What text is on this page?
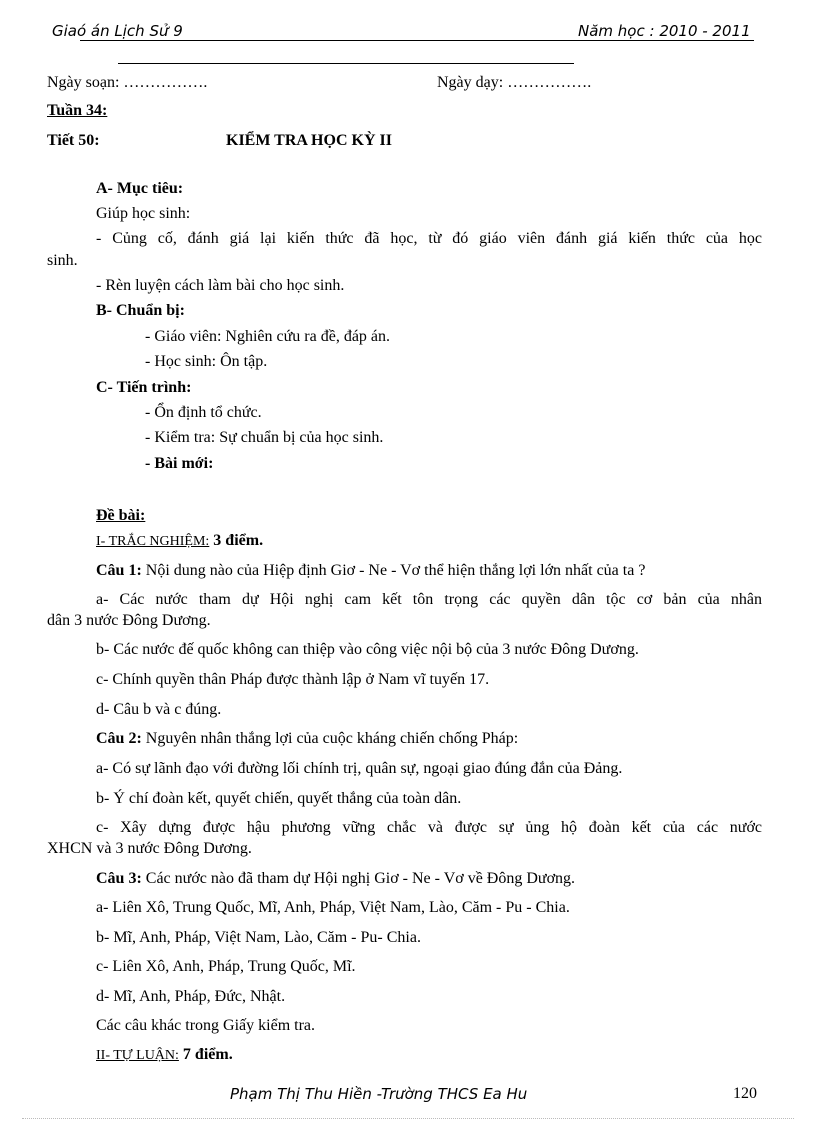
Giaó án Lịch Sử 9	Năm học : 2010 - 2011
Ngày soạn: …………….	Ngày dạy: …………….
Tuần 34:
Tiết 50:	KIỂM TRA HỌC KỲ II
A- Mục tiêu:
Giúp học sinh:
- Củng cố, đánh giá lại kiến thức đã học, từ đó giáo viên đánh giá kiến thức của học
sinh.
- Rèn luyện cách làm bài cho học sinh.
B- Chuẩn bị:
- Giáo viên: Nghiên cứu ra đề, đáp án.
- Học sinh: Ôn tập.
C- Tiến trình:
- Ổn định tổ chức.
- Kiểm tra: Sự chuẩn bị của học sinh.
- Bài mới:
Đề bài:
I- TRẮC NGHIỆM: 3 điểm.
Câu 1: Nội dung nào của Hiệp định Giơ - Ne - Vơ thể hiện thắng lợi lớn nhất của ta ?
a- Các nước tham dự Hội nghị cam kết tôn trọng các quyền dân tộc cơ bản của nhân
dân 3 nước Đông Dương.
b- Các nước đế quốc không can thiệp vào công việc nội bộ của 3 nước Đông Dương.
c- Chính quyền thân Pháp được thành lập ở Nam vĩ tuyến 17.
d- Câu b và c đúng.
Câu 2: Nguyên nhân thắng lợi của cuộc kháng chiến chống Pháp:
a- Có sự lãnh đạo với đường lối chính trị, quân sự, ngoại giao đúng đắn của Đảng.
b- Ý chí đoàn kết, quyết chiến, quyết thắng của toàn dân.
c- Xây dựng được hậu phương vững chắc và được sự ủng hộ đoàn kết của các nước
XHCN và 3 nước Đông Dương.
Câu 3: Các nước nào đã tham dự Hội nghị Giơ - Ne - Vơ về Đông Dương.
a- Liên Xô, Trung Quốc, Mĩ, Anh, Pháp, Việt Nam, Lào, Căm - Pu - Chia.
b- Mĩ, Anh, Pháp, Việt Nam, Lào, Căm - Pu- Chia.
c- Liên Xô, Anh, Pháp, Trung Quốc, Mĩ.
d- Mĩ, Anh, Pháp, Đức, Nhật.
Các câu khác trong Giấy kiểm tra.
II- TỰ LUẬN: 7 điểm.
Phạm Thị Thu Hiền -Trường THCS Ea Hu	120
